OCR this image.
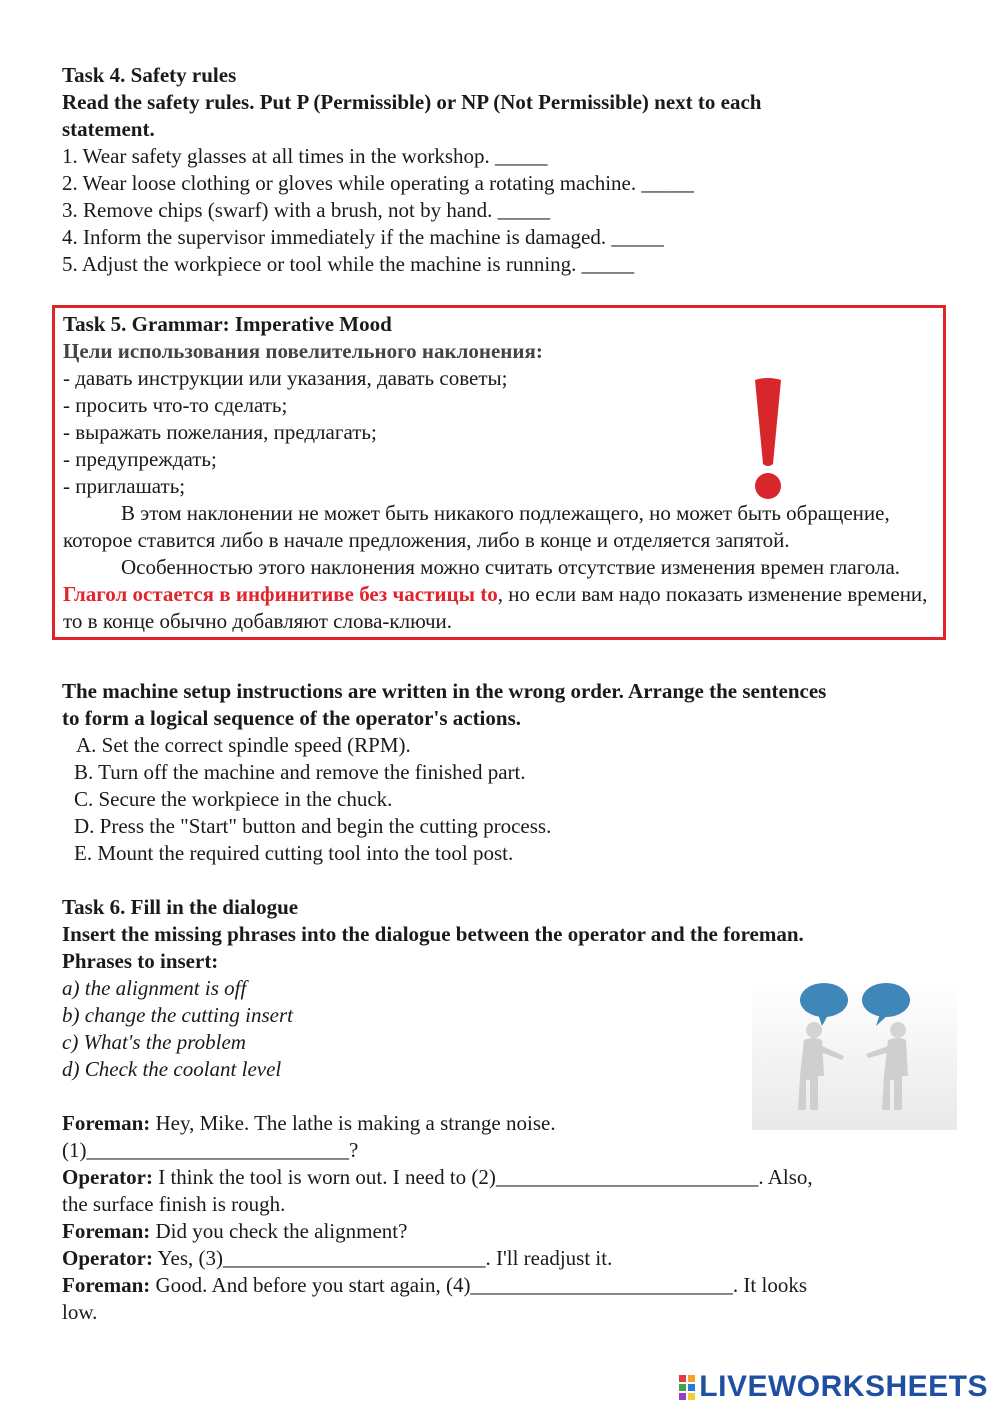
Task 4. Safety rules
Read the safety rules. Put P (Permissible) or NP (Not Permissible) next to each
statement.
1. Wear safety glasses at all times in the workshop. _____
2. Wear loose clothing or gloves while operating a rotating machine. _____
3. Remove chips (swarf) with a brush, not by hand. _____
4. Inform the supervisor immediately if the machine is damaged. _____
5. Adjust the workpiece or tool while the machine is running. _____
Task 5. Grammar: Imperative Mood
Цели использования повелительного наклонения:
- давать инструкции или указания, давать советы;
- просить что-то сделать;
- выражать пожелания, предлагать;
- предупреждать;
- приглашать;
В этом наклонении не может быть никакого подлежащего, но может быть обращение, которое ставится либо в начале предложения, либо в конце и отделяется запятой.
Особенностью этого наклонения можно считать отсутствие изменения времен глагола. Глагол остается в инфинитиве без частицы to, но если вам надо показать изменение времени, то в конце обычно добавляют слова-ключи.
The machine setup instructions are written in the wrong order. Arrange the sentences
to form a logical sequence of the operator's actions.
A. Set the correct spindle speed (RPM).
B. Turn off the machine and remove the finished part.
C. Secure the workpiece in the chuck.
D. Press the "Start" button and begin the cutting process.
E. Mount the required cutting tool into the tool post.
Task 6. Fill in the dialogue
Insert the missing phrases into the dialogue between the operator and the foreman.
Phrases to insert:
a) the alignment is off
b) change the cutting insert
c) What's the problem
d) Check the coolant level
Foreman: Hey, Mike. The lathe is making a strange noise.
(1)_________________________?
Operator: I think the tool is worn out. I need to (2)_________________________. Also,
the surface finish is rough.
Foreman: Did you check the alignment?
Operator: Yes, (3)_________________________. I'll readjust it.
Foreman: Good. And before you start again, (4)_________________________. It looks
low.
LIVEWORKSHEETS
